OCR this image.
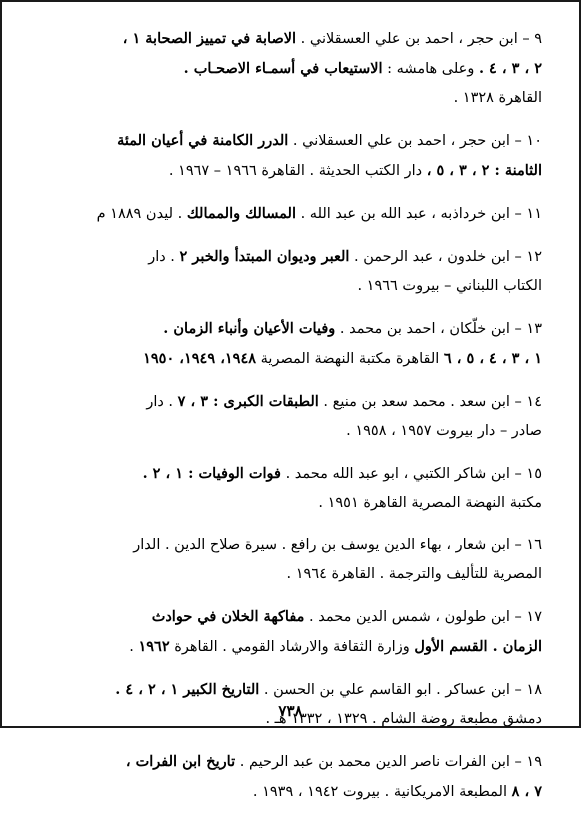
٩ – ابن حجر ، احمد بن علي العسقلاني . الاصابة في تمييز الصحابة ١ ،

٢ ، ٣ ، ٤ . وعلى هامشه : الاستيعاب في أسمـاء الاصحـاب .

القاهرة ١٣٢٨ .

١٠ – ابن حجر ، احمد بن علي العسقلاني . الدرر الكامنة في أعيان المئة

الثامنة : ٢ ، ٣ ، ٥ ، دار الكتب الحديثة . القاهرة ١٩٦٦ – ١٩٦٧ .

١١ – ابن خرداذبه ، عبد الله بن عبد الله . المسالك والممالك . ليدن ١٨٨٩ م

١٢ – ابن خلدون ، عبد الرحمن . العبر وديوان المبتدأ والخبر ٢ . دار

الكتاب اللبناني – بيروت ١٩٦٦ .

١٣ – ابن خلّكان ، احمد بن محمد . وفيات الأعيان وأنباء الزمان .

١ ، ٣ ، ٤ ، ٥ ، ٦ القاهرة مكتبة النهضة المصرية ١٩٤٨، ١٩٤٩، ١٩٥٠

١٤ – ابن سعد . محمد سعد بن منيع . الطبقات الكبرى : ٣ ، ٧ . دار

صادر – دار بيروت ١٩٥٧ ، ١٩٥٨ .

١٥ – ابن شاكر الكتبي ، ابو عبد الله محمد . فوات الوفيات : ١ ، ٢ .

مكتبة النهضة المصرية القاهرة ١٩٥١ .

١٦ – ابن شعار ، بهاء الدين يوسف بن رافع . سيرة صلاح الدين . الدار

المصرية للتأليف والترجمة . القاهرة ١٩٦٤ .

١٧ – ابن طولون ، شمس الدين محمد . مفاكهة الخلان في حوادث

الزمان . القسم الأول وزارة الثقافة والارشاد القومي . القاهرة ١٩٦٢ .

١٨ – ابن عساكر . ابو القاسم علي بن الحسن . التاريخ الكبير ١ ، ٢ ، ٤ .

دمشق مطبعة روضة الشام . ١٣٢٩ ، ١٣٣٢ هـ .

١٩ – ابن الفرات ناصر الدين محمد بن عبد الرحيم . تاريخ ابن الفرات ،

٧ ، ٨ المطبعة الامريكانية . بيروت ١٩٤٢ ، ١٩٣٩ .

٧٣٨
